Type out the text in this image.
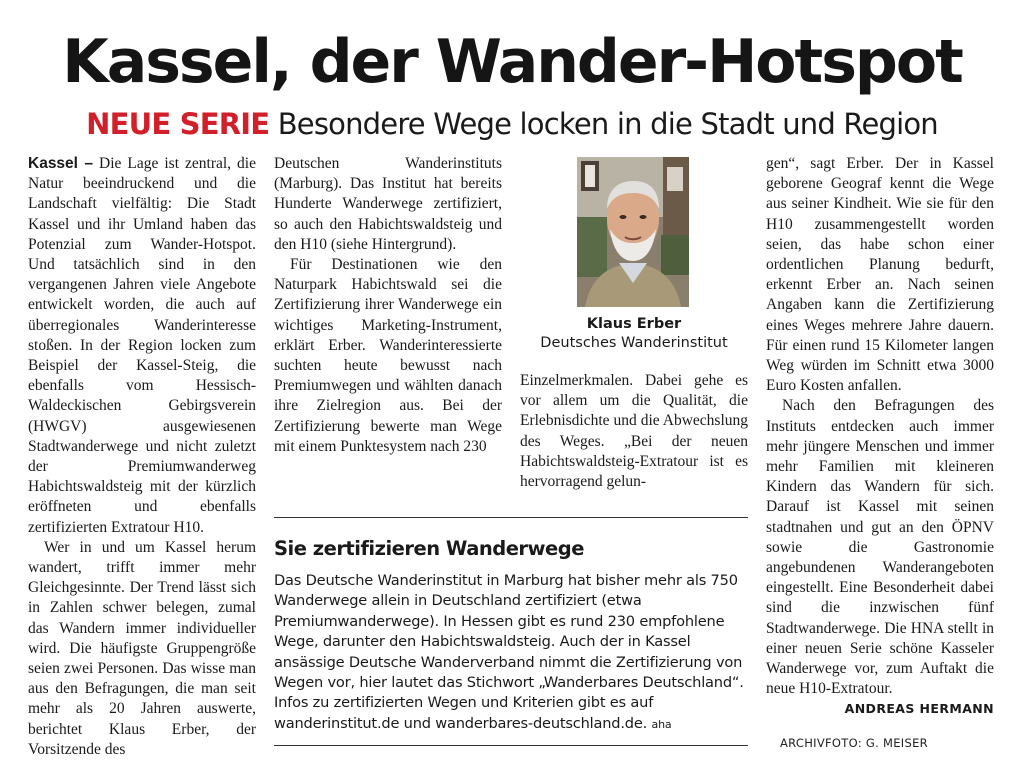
Kassel, der Wander-Hotspot

NEUE SERIE Besondere Wege locken in die Stadt und Region

Kassel – Die Lage ist zentral, die Natur beeindruckend und die Landschaft vielfältig: Die Stadt Kassel und ihr Umland haben das Potenzial zum Wander-Hotspot. Und tatsächlich sind in den vergangenen Jahren viele Angebote entwickelt worden, die auch auf überregionales Wanderinteresse stoßen. In der Region locken zum Beispiel der Kassel-Steig, die ebenfalls vom Hessisch-Waldeckischen Gebirgsverein (HWGV) ausgewiesenen Stadtwanderwege und nicht zuletzt der Premiumwanderweg Habichtswaldsteig mit der kürzlich eröffneten und ebenfalls zertifizierten Extratour H10.

Wer in und um Kassel herum wandert, trifft immer mehr Gleichgesinnte. Der Trend lässt sich in Zahlen schwer belegen, zumal das Wandern immer individueller wird. Die häufigste Gruppengröße seien zwei Personen. Das wisse man aus den Befragungen, die man seit mehr als 20 Jahren auswerte, berichtet Klaus Erber, der Vorsitzende des

Deutschen Wanderinstituts (Marburg). Das Institut hat bereits Hunderte Wanderwege zertifiziert, so auch den Habichtswaldsteig und den H10 (siehe Hintergrund).

Für Destinationen wie den Naturpark Habichtswald sei die Zertifizierung ihrer Wanderwege ein wichtiges Marketing-Instrument, erklärt Erber. Wanderinteressierte suchten heute bewusst nach Premiumwegen und wählten danach ihre Zielregion aus. Bei der Zertifizierung bewerte man Wege mit einem Punktesystem nach 230

Klaus Erber
Deutsches Wanderinstitut

Einzelmerkmalen. Dabei gehe es vor allem um die Qualität, die Erlebnisdichte und die Abwechslung des Weges. „Bei der neuen Habichtswaldsteig-Extratour ist es hervorragend gelun-

gen“, sagt Erber. Der in Kassel geborene Geograf kennt die Wege aus seiner Kindheit. Wie sie für den H10 zusammengestellt worden seien, das habe schon einer ordentlichen Planung bedurft, erkennt Erber an. Nach seinen Angaben kann die Zertifizierung eines Weges mehrere Jahre dauern. Für einen rund 15 Kilometer langen Weg würden im Schnitt etwa 3000 Euro Kosten anfallen.

Nach den Befragungen des Instituts entdecken auch immer mehr jüngere Menschen und immer mehr Familien mit kleineren Kindern das Wandern für sich. Darauf ist Kassel mit seinen stadtnahen und gut an den ÖPNV sowie die Gastronomie angebundenen Wanderangeboten eingestellt. Eine Besonderheit dabei sind die inzwischen fünf Stadtwanderwege. Die HNA stellt in einer neuen Serie schöne Kasseler Wanderwege vor, zum Auftakt die neue H10-Extratour.
ANDREAS HERMANN

Sie zertifizieren Wanderwege

Das Deutsche Wanderinstitut in Marburg hat bisher mehr als 750 Wanderwege allein in Deutschland zertifiziert (etwa Premiumwanderwege). In Hessen gibt es rund 230 empfohlene Wege, darunter den Habichtswaldsteig. Auch der in Kassel ansässige Deutsche Wanderverband nimmt die Zertifizierung von Wegen vor, hier lautet das Stichwort „Wanderbares Deutschland“. Infos zu zertifizierten Wegen und Kriterien gibt es auf wanderinstitut.de und wanderbares-deutschland.de. aha

ARCHIVFOTO: G. MEISER
